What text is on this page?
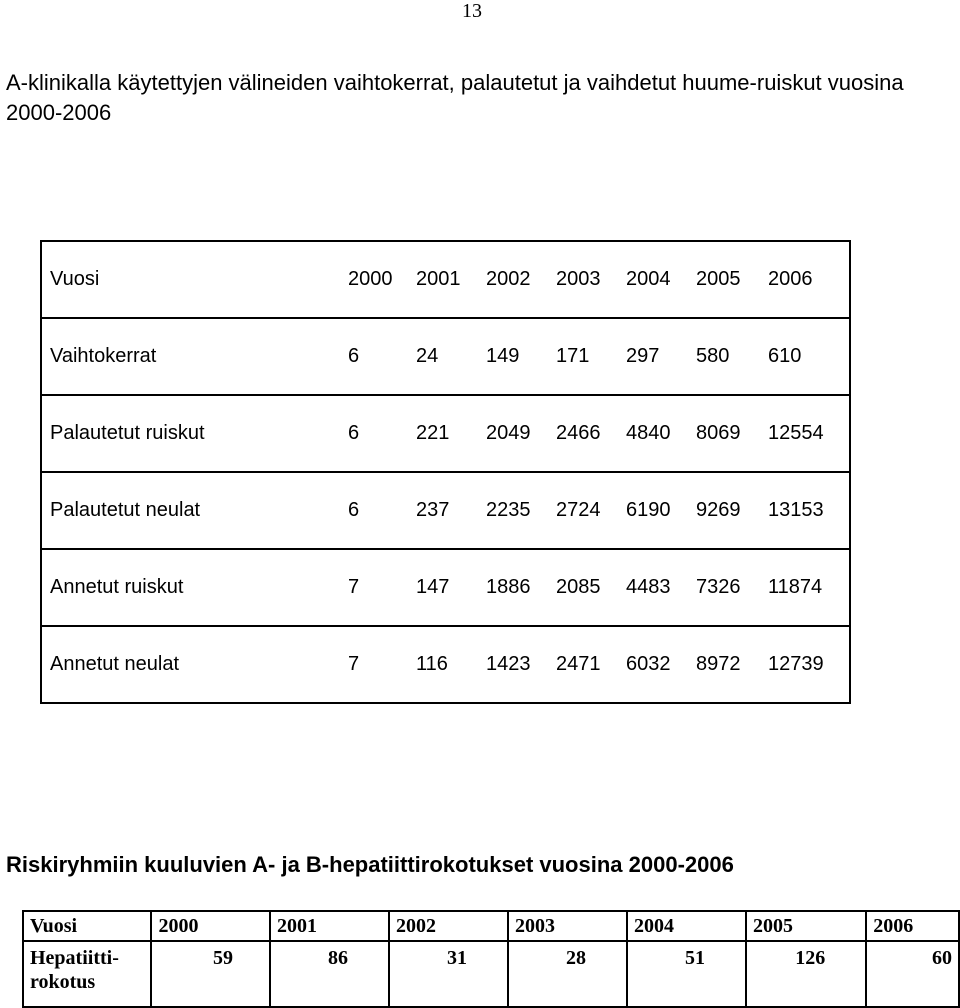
13
A-klinikalla käytettyjen välineiden vaihtokerrat, palautetut ja vaihdetut huume-ruiskut vuosina 2000-2006
Vuosi	2000	2001	2002	2003	2004	2005	2006
Vaihtokerrat	6	24	149	171	297	580	610
Palautetut ruiskut	6	221	2049	2466	4840	8069	12554
Palautetut neulat	6	237	2235	2724	6190	9269	13153
Annetut ruiskut	7	147	1886	2085	4483	7326	11874
Annetut neulat	7	116	1423	2471	6032	8972	12739
Riskiryhmiin kuuluvien A- ja B-hepatiittirokotukset vuosina 2000-2006
Vuosi	2000	2001	2002	2003	2004	2005	2006

Hepatiitti-
rokotus	59	86	31	28	51	126	60
